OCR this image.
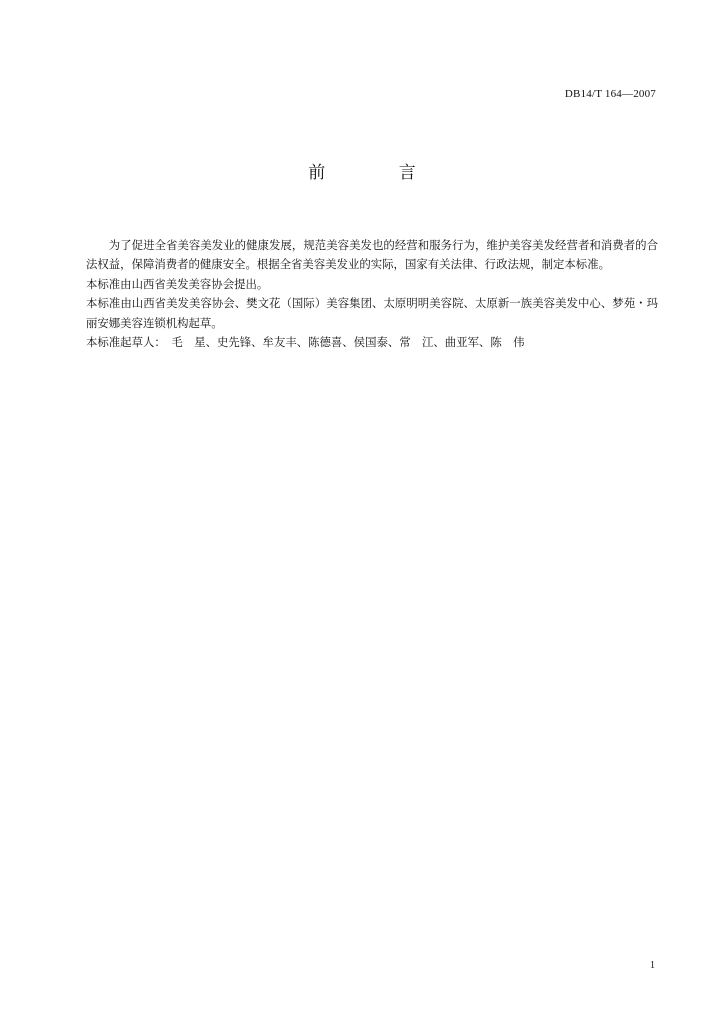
DB14/T 164—2007
前 言

为了促进全省美容美发业的健康发展，规范美容美发也的经营和服务行为，维护美容美发经营者和消费者的合法权益，保障消费者的健康安全。根据全省美容美发业的实际，国家有关法律、行政法规，制定本标准。

本标准由山西省美发美容协会提出。

本标准由山西省美发美容协会、樊文花（国际）美容集团、太原明明美容院、太原新一族美容美发中心、梦苑・玛丽安娜美容连锁机构起草。

本标准起草人：　毛　星、史先锋、牟友丰、陈德喜、侯国泰、常　江、曲亚军、陈　伟

1
